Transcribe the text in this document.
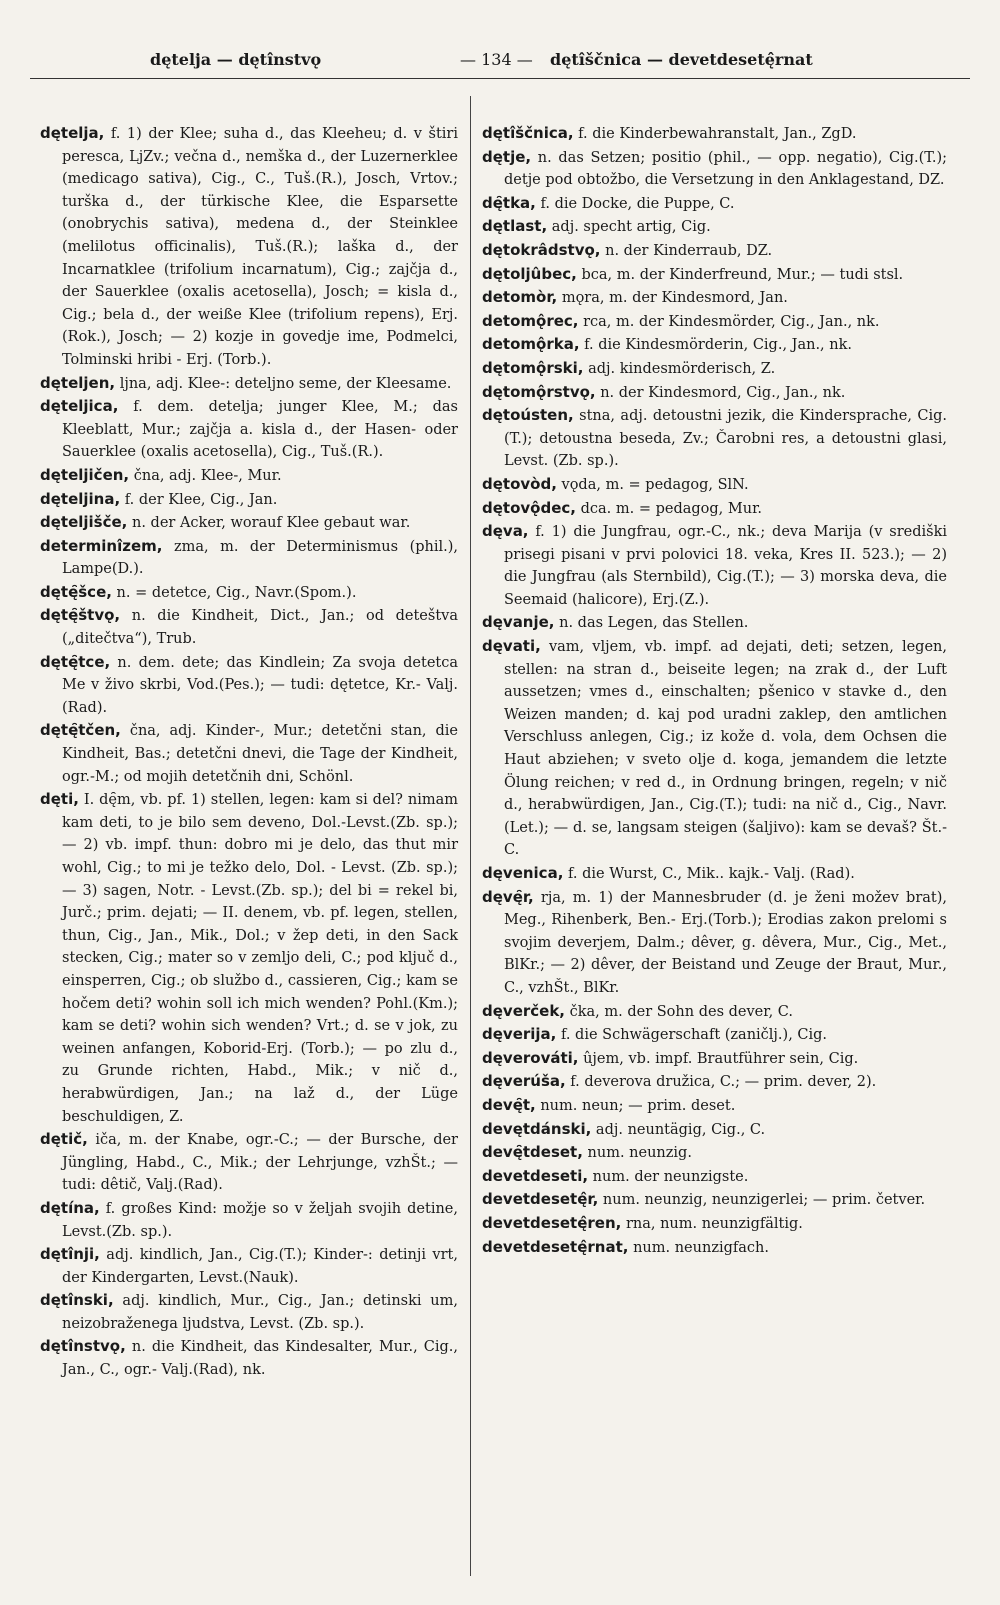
dętelja — dętînstvǫ	— 134 — dętîščnica — devetdesetę̂rnat

dętelja, f. 1) der Klee; suha d., das Kleeheu; d. v štiri peresca, LjZv.; večna d., nemška d., der Luzernerklee (medicago sativa), Cig., C., Tuš.(R.), Josch, Vrtov.; turška d., der türkische Klee, die Esparsette (onobrychis sativa), medena d., der Steinklee (melilotus officinalis), Tuš.(R.); laška d., der Incarnatklee (trifolium incarnatum), Cig.; zajčja d., der Sauerklee (oxalis acetosella), Josch; = kisla d., Cig.; bela d., der weiße Klee (trifolium repens), Erj.(Rok.), Josch; — 2) kozje in govedje ime, Podmelci, Tolminski hribi - Erj. (Torb.).

dęteljen, ljna, adj. Klee-: deteljno seme, der Kleesame.

dęteljica, f. dem. detelja; junger Klee, M.; das Kleeblatt, Mur.; zajčja a. kisla d., der Hasen- oder Sauerklee (oxalis acetosella), Cig., Tuš.(R.).

dęteljičen, čna, adj. Klee-, Mur.

dęteljina, f. der Klee, Cig., Jan.

dęteljišče, n. der Acker, worauf Klee gebaut war.

determinîzem, zma, m. der Determinismus (phil.), Lampe(D.).

dętę̑šce, n. = detetce, Cig., Navr.(Spom.).

dętę̑štvǫ, n. die Kindheit, Dict., Jan.; od deteštva („ditečtva“), Trub.

dętę̑tce, n. dem. dete; das Kindlein; Za svoja detetca Me v živo skrbi, Vod.(Pes.); — tudi: dętetce, Kr.- Valj.(Rad).

dętę̑tčen, čna, adj. Kinder-, Mur.; detetčni stan, die Kindheit, Bas.; detetčni dnevi, die Tage der Kindheit, ogr.-M.; od mojih detetčnih dni, Schönl.

dęti, I. dę̑m, vb. pf. 1) stellen, legen: kam si del? nimam kam deti, to je bilo sem deveno, Dol.-Levst.(Zb. sp.); — 2) vb. impf. thun: dobro mi je delo, das thut mir wohl, Cig.; to mi je težko delo, Dol. - Levst. (Zb. sp.); — 3) sagen, Notr. - Levst.(Zb. sp.); del bi = rekel bi, Jurč.; prim. dejati; — II. denem, vb. pf. legen, stellen, thun, Cig., Jan., Mik., Dol.; v žep deti, in den Sack stecken, Cig.; mater so v zemljo deli, C.; pod ključ d., einsperren, Cig.; ob službo d., cassieren, Cig.; kam se hočem deti? wohin soll ich mich wenden? Pohl.(Km.); kam se deti? wohin sich wenden? Vrt.; d. se v jok, zu weinen anfangen, Koborid-Erj. (Torb.); — po zlu d., zu Grunde richten, Habd., Mik.; v nič d., herabwürdigen, Jan.; na laž d., der Lüge beschuldigen, Z.

dętič, iča, m. der Knabe, ogr.-C.; — der Bursche, der Jüngling, Habd., C., Mik.; der Lehrjunge, vzhŠt.; — tudi: dêtič, Valj.(Rad).

dętína, f. großes Kind: možje so v željah svojih detine, Levst.(Zb. sp.).

dętînji, adj. kindlich, Jan., Cig.(T.); Kinder-: detinji vrt, der Kindergarten, Levst.(Nauk).

dętînski, adj. kindlich, Mur., Cig., Jan.; detinski um, neizobraženega ljudstva, Levst. (Zb. sp.).

dętînstvǫ, n. die Kindheit, das Kindesalter, Mur., Cig., Jan., C., ogr.- Valj.(Rad), nk.

dętîščnica, f. die Kinderbewahranstalt, Jan., ZgD.

dętje, n. das Setzen; positio (phil., — opp. negatio), Cig.(T.); detje pod obtožbo, die Versetzung in den Anklagestand, DZ.

dę̑tka, f. die Docke, die Puppe, C.

dętlast, adj. specht artig, Cig.

dętokrâdstvǫ, n. der Kinderraub, DZ.

dętoljûbec, bca, m. der Kinderfreund, Mur.; — tudi stsl.

detomòr, mǫra, m. der Kindesmord, Jan.

detomǫ̂rec, rca, m. der Kindesmörder, Cig., Jan., nk.

detomǫ̂rka, f. die Kindesmörderin, Cig., Jan., nk.

dętomǫ̂rski, adj. kindesmörderisch, Z.

dętomǫ̂rstvǫ, n. der Kindesmord, Cig., Jan., nk.

dętoústen, stna, adj. detoustni jezik, die Kindersprache, Cig.(T.); detoustna beseda, Zv.; Čarobni res, a detoustni glasi, Levst. (Zb. sp.).

dętovòd, vǫda, m. = pedagog, SlN.

dętovǫ̂dec, dca. m. = pedagog, Mur.

dęva, f. 1) die Jungfrau, ogr.-C., nk.; deva Marija (v središki prisegi pisani v prvi polovici 18. veka, Kres II. 523.); — 2) die Jungfrau (als Sternbild), Cig.(T.); — 3) morska deva, die Seemaid (halicore), Erj.(Z.).

dęvanje, n. das Legen, das Stellen.

dęvati, vam, vljem, vb. impf. ad dejati, deti; setzen, legen, stellen: na stran d., beiseite legen; na zrak d., der Luft aussetzen; vmes d., einschalten; pšenico v stavke d., den Weizen manden; d. kaj pod uradni zaklep, den amtlichen Verschluss anlegen, Cig.; iz kože d. vola, dem Ochsen die Haut abziehen; v sveto olje d. koga, jemandem die letzte Ölung reichen; v red d., in Ordnung bringen, regeln; v nič d., herabwürdigen, Jan., Cig.(T.); tudi: na nič d., Cig., Navr.(Let.); — d. se, langsam steigen (šaljivo): kam se devaš? Št.-C.

dęvenica, f. die Wurst, C., Mik.. kajk.- Valj. (Rad).

dęvę̑r, rja, m. 1) der Mannesbruder (d. je ženi možev brat), Meg., Rihenberk, Ben.- Erj.(Torb.); Erodias zakon prelomi s svojim deverjem, Dalm.; dêver, g. dêvera, Mur., Cig., Met., BlKr.; — 2) dêver, der Beistand und Zeuge der Braut, Mur., C., vzhŠt., BlKr.

dęverček, čka, m. der Sohn des dever, C.

dęverija, f. die Schwägerschaft (zaničlj.), Cig.

dęverováti, ûjem, vb. impf. Brautführer sein, Cig.

dęverúša, f. deverova družica, C.; — prim. dever, 2).

devę̑t, num. neun; — prim. deset.

devętdánski, adj. neuntägig, Cig., C.

devę̑tdeset, num. neunzig.

devetdeseti, num. der neunzigste.

devetdesetę̂r, num. neunzig, neunzigerlei; — prim. četver.

devetdesetę̂ren, rna, num. neunzigfältig.

devetdesetę̂rnat, num. neunzigfach.
